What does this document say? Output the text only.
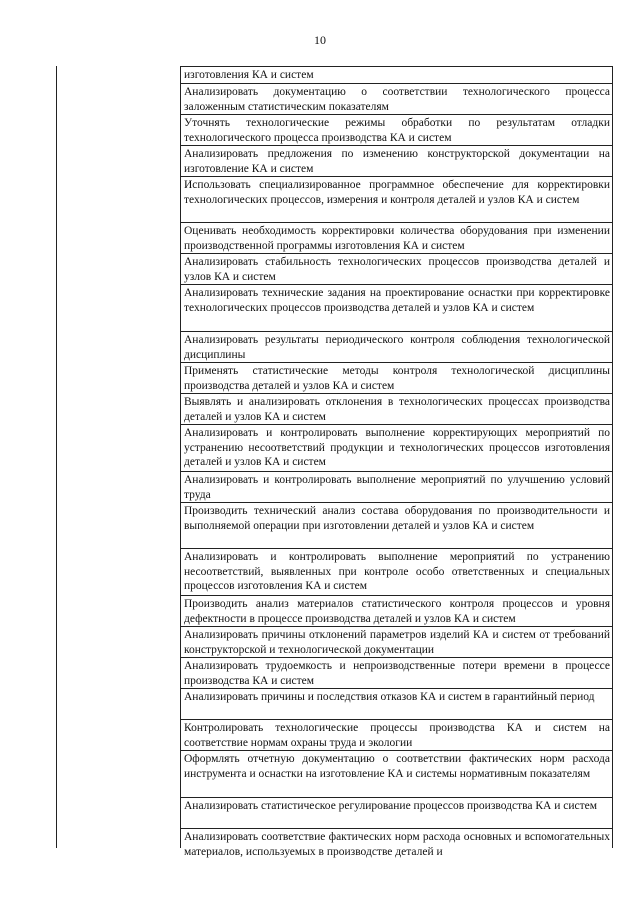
10
изготовления КА и систем
Анализировать документацию о соответствии технологического процесса заложенным статистическим показателям
Уточнять технологические режимы обработки по результатам отладки технологического процесса производства КА и систем
Анализировать предложения по изменению конструкторской документации на изготовление КА и систем
Использовать специализированное программное обеспечение для корректировки технологических процессов, измерения и контроля деталей и узлов КА и систем
Оценивать необходимость корректировки количества оборудования при изменении производственной программы изготовления КА и систем
Анализировать стабильность технологических процессов производства деталей и узлов КА и систем
Анализировать технические задания на проектирование оснастки при корректировке технологических процессов производства деталей и узлов КА и систем
Анализировать результаты периодического контроля соблюдения технологической дисциплины
Применять статистические методы контроля технологической дисциплины производства деталей и узлов КА и систем
Выявлять и анализировать отклонения в технологических процессах производства деталей и узлов КА и систем
Анализировать и контролировать выполнение корректирующих мероприятий по устранению несоответствий продукции и технологических процессов изготовления деталей и узлов КА и систем
Анализировать и контролировать выполнение мероприятий по улучшению условий труда
Производить технический анализ состава оборудования по производительности и выполняемой операции при изготовлении деталей и узлов КА и систем
Анализировать и контролировать выполнение мероприятий по устранению несоответствий, выявленных при контроле особо ответственных и специальных процессов изготовления КА и систем
Производить анализ материалов статистического контроля процессов и уровня дефектности в процессе производства деталей и узлов КА и систем
Анализировать причины отклонений параметров изделий КА и систем от требований конструкторской и технологической документации
Анализировать трудоемкость и непроизводственные потери времени в процессе производства КА и систем
Анализировать причины и последствия отказов КА и систем в гарантийный период
Контролировать технологические процессы производства КА и систем на соответствие нормам охраны труда и экологии
Оформлять отчетную документацию о соответствии фактических норм расхода инструмента и оснастки на изготовление КА и системы нормативным показателям
Анализировать статистическое регулирование процессов производства КА и систем
Анализировать соответствие фактических норм расхода основных и вспомогательных материалов, используемых в производстве деталей и
